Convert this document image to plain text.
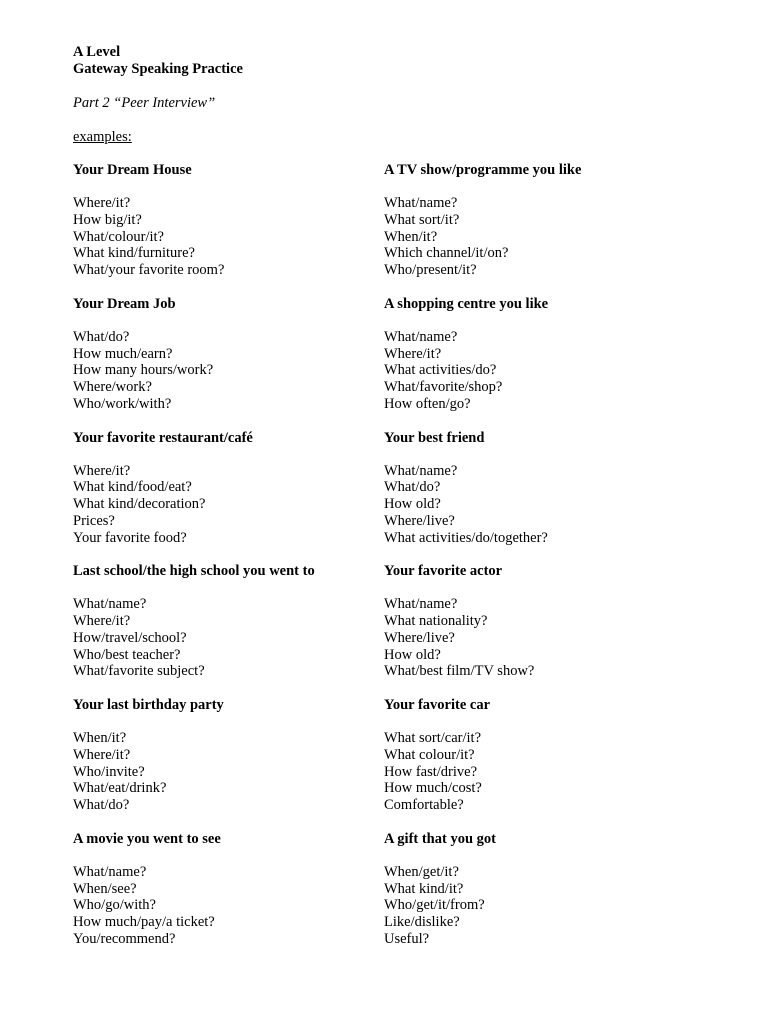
A Level
Gateway Speaking Practice
Part 2 “Peer Interview”
examples:
Your Dream House
Where/it?
How big/it?
What/colour/it?
What kind/furniture?
What/your favorite room?
A TV show/programme you like
What/name?
What sort/it?
When/it?
Which channel/it/on?
Who/present/it?
Your Dream Job
What/do?
How much/earn?
How many hours/work?
Where/work?
Who/work/with?
A shopping centre you like
What/name?
Where/it?
What activities/do?
What/favorite/shop?
How often/go?
Your favorite restaurant/café
Where/it?
What kind/food/eat?
What kind/decoration?
Prices?
Your favorite food?
Your best friend
What/name?
What/do?
How old?
Where/live?
What activities/do/together?
Last school/the high school you went to
What/name?
Where/it?
How/travel/school?
Who/best teacher?
What/favorite subject?
Your favorite actor
What/name?
What nationality?
Where/live?
How old?
What/best film/TV show?
Your last birthday party
When/it?
Where/it?
Who/invite?
What/eat/drink?
What/do?
Your favorite car
What sort/car/it?
What colour/it?
How fast/drive?
How much/cost?
Comfortable?
A movie you went to see
What/name?
When/see?
Who/go/with?
How much/pay/a ticket?
You/recommend?
A gift that you got
When/get/it?
What kind/it?
Who/get/it/from?
Like/dislike?
Useful?
